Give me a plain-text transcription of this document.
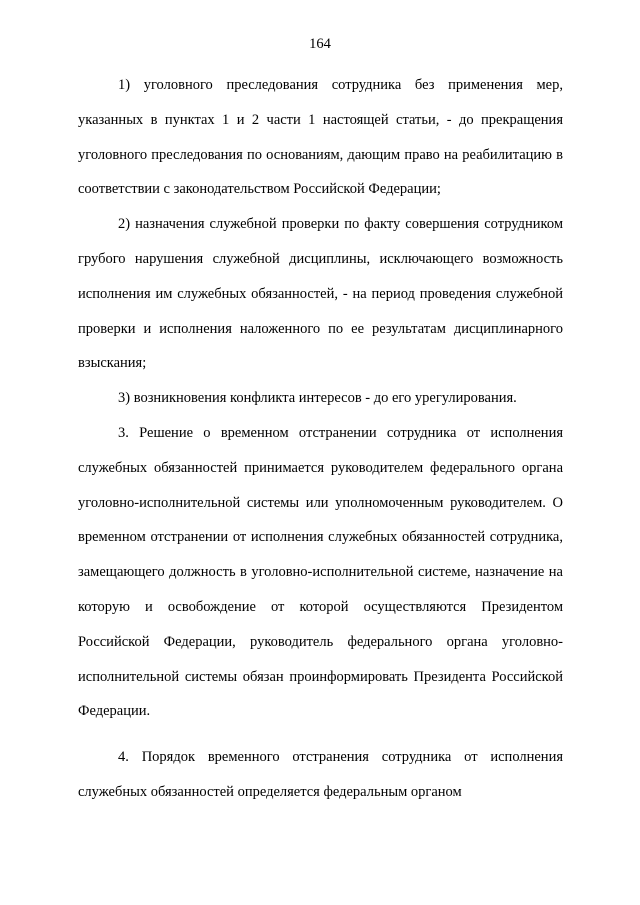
164

1) уголовного преследования сотрудника без применения мер, указанных в пунктах 1 и 2 части 1 настоящей статьи, - до прекращения уголовного преследования по основаниям, дающим право на реабилитацию в соответствии с законодательством Российской Федерации;

2) назначения служебной проверки по факту совершения сотрудником грубого нарушения служебной дисциплины, исключающего возможность исполнения им служебных обязанностей, - на период проведения служебной проверки и исполнения наложенного по ее результатам дисциплинарного взыскания;

3) возникновения конфликта интересов - до его урегулирования.

3. Решение о временном отстранении сотрудника от исполнения служебных обязанностей принимается руководителем федерального органа уголовно-исполнительной системы или уполномоченным руководителем. О временном отстранении от исполнения служебных обязанностей сотрудника, замещающего должность в уголовно-исполнительной системе, назначение на которую и освобождение от которой осуществляются Президентом Российской Федерации, руководитель федерального органа уголовно-исполнительной системы обязан проинформировать Президента Российской Федерации.

4. Порядок временного отстранения сотрудника от исполнения служебных обязанностей определяется федеральным органом
